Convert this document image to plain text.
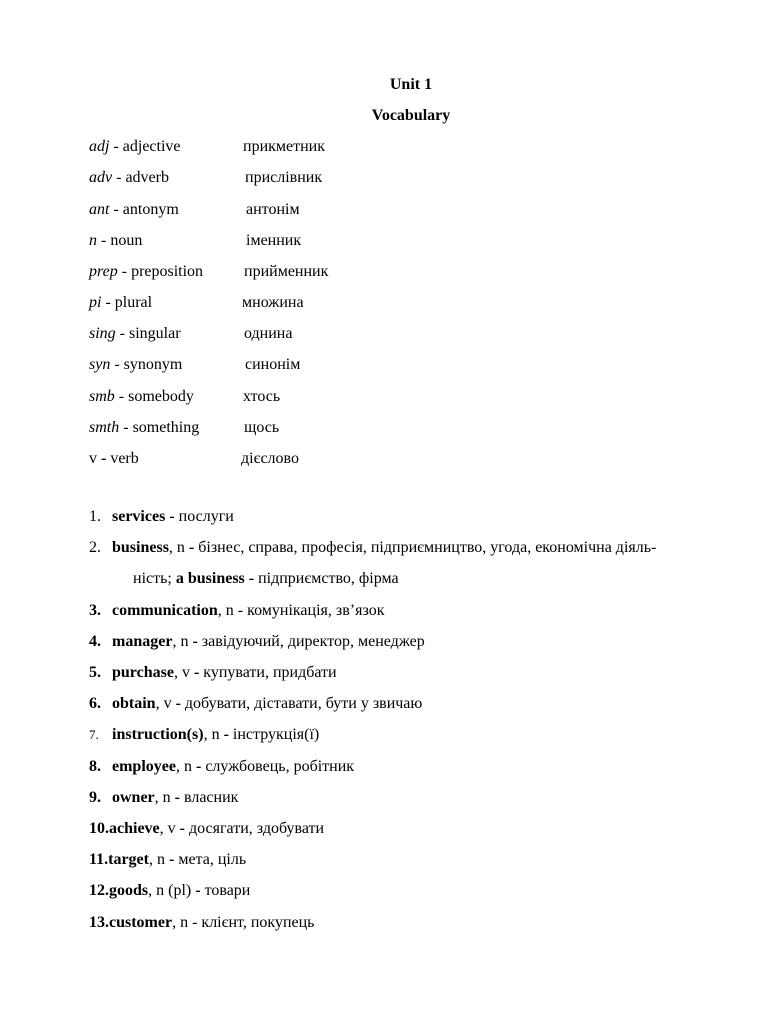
Unit 1
Vocabulary
adj - adjective	прикметник
adv - adverb	прислівник
ant - antonym	антонім
n - noun	іменник
prep - preposition	прийменник
pi - plural	множина
sing - singular	однина
syn - synonym	синонім
smb - somebody	хтось
smth - something	щось
v - verb	дієслово
1. services - послуги
2. business, n - бізнес, справа, професія, підприємництво, угода, економічна діяль-
ність; a business - підприємство, фірма
3. communication, n - комунікація, зв’язок
4. manager, n - завідуючий, директор, менеджер
5. purchase, v - купувати, придбати
6. obtain, v - добувати, діставати, бути у звичаю
7. instruction(s), n - інструкція(ї)
8. employee, n - службовець, робітник
9. owner, n - власник
10.achieve, v - досягати, здобувати
11.target, n - мета, ціль
12.goods, n (pl) - товари
13.customer, n - клієнт, покупець
